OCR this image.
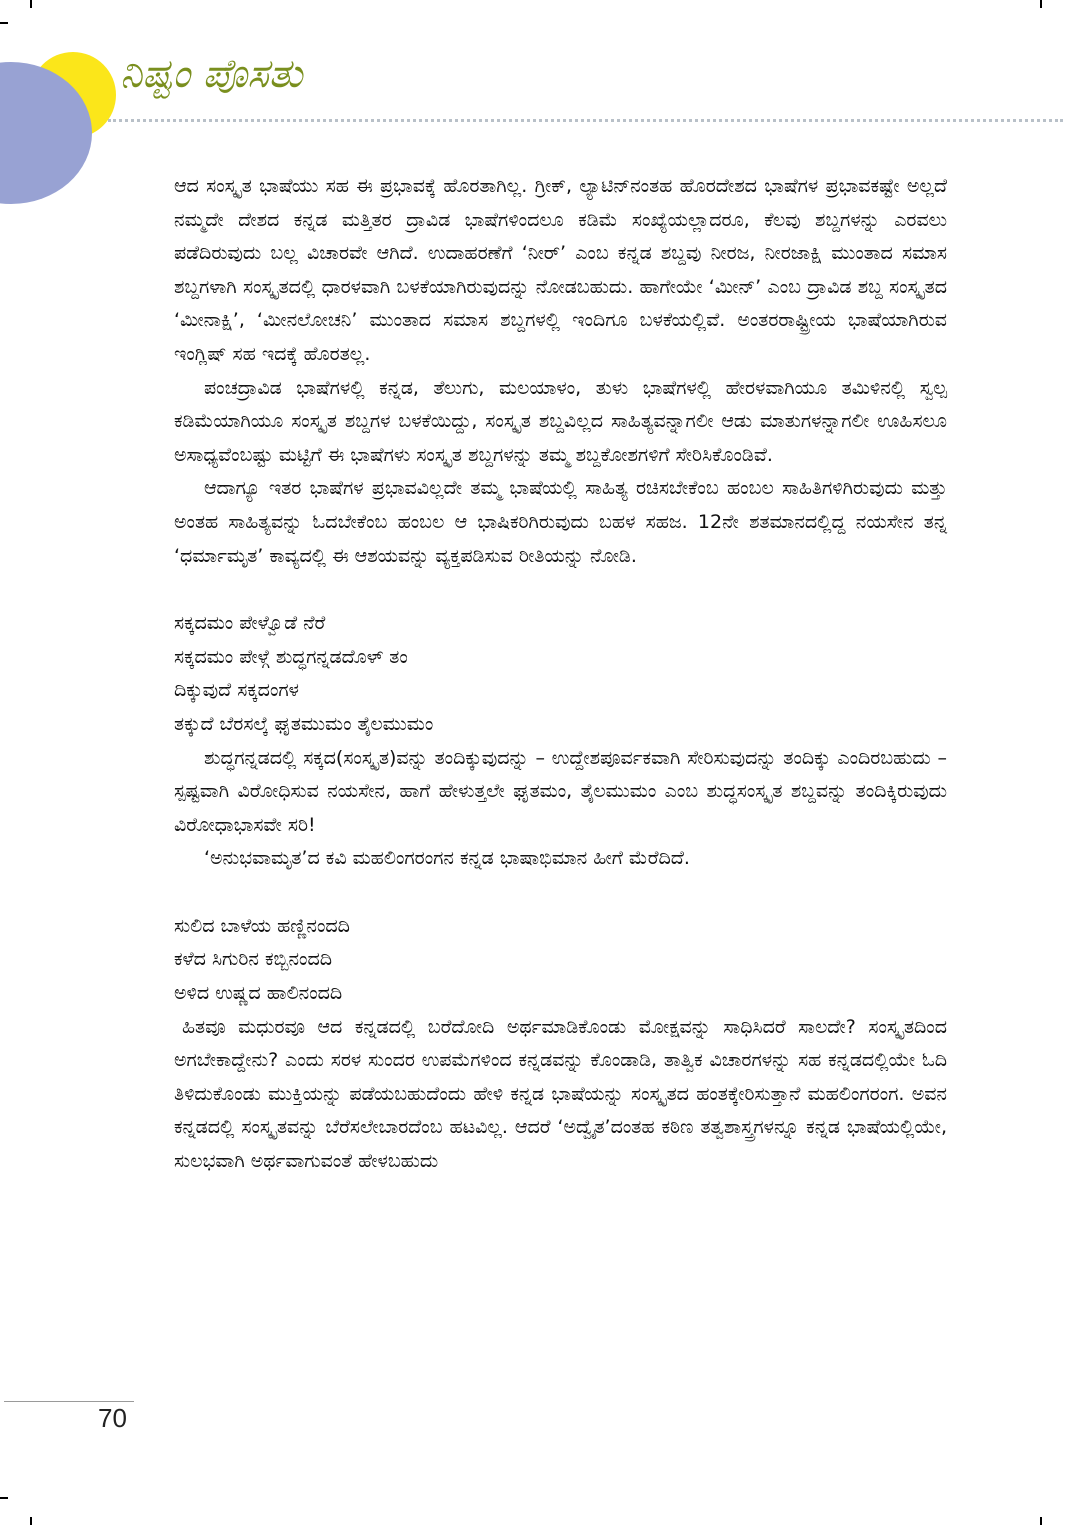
ನಿಷ್ಟಂ ಪೊಸತು

ಆದ ಸಂಸ್ಕೃತ ಭಾಷೆಯು ಸಹ ಈ ಪ್ರಭಾವಕ್ಕೆ ಹೊರತಾಗಿಲ್ಲ. ಗ್ರೀಕ್, ಲ್ಯಾಟಿನ್‌ನಂತಹ ಹೊರದೇಶದ ಭಾಷೆಗಳ ಪ್ರಭಾವಕಷ್ಟೇ ಅಲ್ಲದೆ ನಮ್ಮದೇ ದೇಶದ ಕನ್ನಡ ಮತ್ತಿತರ ದ್ರಾವಿಡ ಭಾಷೆಗಳಿಂದಲೂ ಕಡಿಮೆ ಸಂಖ್ಯೆಯಲ್ಲಾದರೂ, ಕೆಲವು ಶಬ್ದಗಳನ್ನು ಎರವಲು ಪಡೆದಿರುವುದು ಬಲ್ಲ ವಿಚಾರವೇ ಆಗಿದೆ. ಉದಾಹರಣೆಗೆ ‘ನೀರ್’ ಎಂಬ ಕನ್ನಡ ಶಬ್ದವು ನೀರಜ, ನೀರಜಾಕ್ಷಿ ಮುಂತಾದ ಸಮಾಸ ಶಬ್ದಗಳಾಗಿ ಸಂಸ್ಕೃತದಲ್ಲಿ ಧಾರಳವಾಗಿ ಬಳಕೆಯಾಗಿರುವುದನ್ನು ನೋಡಬಹುದು. ಹಾಗೇಯೇ ‘ಮೀನ್’ ಎಂಬ ದ್ರಾವಿಡ ಶಬ್ದ ಸಂಸ್ಕೃತದ ‘ಮೀನಾಕ್ಷಿ’, ‘ಮೀನಲೋಚನಿ’ ಮುಂತಾದ ಸಮಾಸ ಶಬ್ದಗಳಲ್ಲಿ ಇಂದಿಗೂ ಬಳಕೆಯಲ್ಲಿವೆ. ಅಂತರರಾಷ್ಟ್ರೀಯ ಭಾಷೆಯಾಗಿರುವ ಇಂಗ್ಲಿಷ್ ಸಹ ಇದಕ್ಕೆ ಹೊರತಲ್ಲ.

ಪಂಚದ್ರಾವಿಡ ಭಾಷೆಗಳಲ್ಲಿ ಕನ್ನಡ, ತೆಲುಗು, ಮಲಯಾಳಂ, ತುಳು ಭಾಷೆಗಳಲ್ಲಿ ಹೇರಳವಾಗಿಯೂ ತಮಿಳಿನಲ್ಲಿ ಸ್ವಲ್ಪ ಕಡಿಮೆಯಾಗಿಯೂ ಸಂಸ್ಕೃತ ಶಬ್ದಗಳ ಬಳಕೆಯಿದ್ದು, ಸಂಸ್ಕೃತ ಶಬ್ದವಿಲ್ಲದ ಸಾಹಿತ್ಯವನ್ನಾಗಲೀ ಆಡು ಮಾತುಗಳನ್ನಾಗಲೀ ಊಹಿಸಲೂ ಅಸಾಧ್ಯವೆಂಬಷ್ಟು ಮಟ್ಟಿಗೆ ಈ ಭಾಷೆಗಳು ಸಂಸ್ಕೃತ ಶಬ್ದಗಳನ್ನು ತಮ್ಮ ಶಬ್ದಕೋಶಗಳಿಗೆ ಸೇರಿಸಿಕೊಂಡಿವೆ.

ಆದಾಗ್ಯೂ ಇತರ ಭಾಷೆಗಳ ಪ್ರಭಾವವಿಲ್ಲದೇ ತಮ್ಮ ಭಾಷೆಯಲ್ಲಿ ಸಾಹಿತ್ಯ ರಚಿಸಬೇಕೆಂಬ ಹಂಬಲ ಸಾಹಿತಿಗಳಿಗಿರುವುದು ಮತ್ತು ಅಂತಹ ಸಾಹಿತ್ಯವನ್ನು ಓದಬೇಕೆಂಬ ಹಂಬಲ ಆ ಭಾಷಿಕರಿಗಿರುವುದು ಬಹಳ ಸಹಜ. 12ನೇ ಶತಮಾನದಲ್ಲಿದ್ದ ನಯಸೇನ ತನ್ನ ‘ಧರ್ಮಾಮೃತ’ ಕಾವ್ಯದಲ್ಲಿ ಈ ಆಶಯವನ್ನು ವ್ಯಕ್ತಪಡಿಸುವ ರೀತಿಯನ್ನು ನೋಡಿ.

ಸಕ್ಕದಮಂ ಪೇಳ್ವೊಡೆ ನೆರೆ

ಸಕ್ಕದಮಂ ಪೇಳ್ಗೆ ಶುದ್ಧಗನ್ನಡದೊಳ್ ತಂ

ದಿಕ್ಕುವುದೆ ಸಕ್ಕದಂಗಳ

ತಕ್ಕುದೆ ಬೆರಸಲ್ಕೆ ಘೃತಮುಮಂ ತೈಲಮುಮಂ

ಶುದ್ಧಗನ್ನಡದಲ್ಲಿ ಸಕ್ಕದ(ಸಂಸ್ಕೃತ)ವನ್ನು ತಂದಿಕ್ಕುವುದನ್ನು – ಉದ್ದೇಶಪೂರ್ವಕವಾಗಿ ಸೇರಿಸುವುದನ್ನು ತಂದಿಕ್ಕು ಎಂದಿರಬಹುದು – ಸ್ಪಷ್ಟವಾಗಿ ವಿರೋಧಿಸುವ ನಯಸೇನ, ಹಾಗೆ ಹೇಳುತ್ತಲೇ ಘೃತಮಂ, ತೈಲಮುಮಂ ಎಂಬ ಶುದ್ಧಸಂಸ್ಕೃತ ಶಬ್ದವನ್ನು ತಂದಿಕ್ಕಿರುವುದು ವಿರೋಧಾಭಾಸವೇ ಸರಿ!

‘ಅನುಭವಾಮೃತ’ದ ಕವಿ ಮಹಲಿಂಗರಂಗನ ಕನ್ನಡ ಭಾಷಾಭಿಮಾನ ಹೀಗೆ ಮೆರೆದಿದೆ.

ಸುಲಿದ ಬಾಳೆಯ ಹಣ್ಣಿನಂದದಿ

ಕಳೆದ ಸಿಗುರಿನ ಕಬ್ಬಿನಂದದಿ

ಅಳಿದ ಉಷ್ಣದ ಹಾಲಿನಂದದಿ

ಹಿತವೂ ಮಧುರವೂ ಆದ ಕನ್ನಡದಲ್ಲಿ ಬರೆದೋದಿ ಅರ್ಥಮಾಡಿಕೊಂಡು ಮೋಕ್ಷವನ್ನು ಸಾಧಿಸಿದರೆ ಸಾಲದೇ? ಸಂಸ್ಕೃತದಿಂದ ಅಗಬೇಕಾದ್ದೇನು? ಎಂದು ಸರಳ ಸುಂದರ ಉಪಮೆಗಳಿಂದ ಕನ್ನಡವನ್ನು ಕೊಂಡಾಡಿ, ತಾತ್ವಿಕ ವಿಚಾರಗಳನ್ನು ಸಹ ಕನ್ನಡದಲ್ಲಿಯೇ ಓದಿ ತಿಳಿದುಕೊಂಡು ಮುಕ್ತಿಯನ್ನು ಪಡೆಯಬಹುದೆಂದು ಹೇಳಿ ಕನ್ನಡ ಭಾಷೆಯನ್ನು ಸಂಸ್ಕೃತದ ಹಂತಕ್ಕೇರಿಸುತ್ತಾನೆ ಮಹಲಿಂಗರಂಗ. ಅವನ ಕನ್ನಡದಲ್ಲಿ ಸಂಸ್ಕೃತವನ್ನು ಬೆರೆಸಲೇಬಾರದೆಂಬ ಹಟವಿಲ್ಲ. ಆದರೆ ‘ಅದ್ವೈತ’ದಂತಹ ಕಠಿಣ ತತ್ವಶಾಸ್ತ್ರಗಳನ್ನೂ ಕನ್ನಡ ಭಾಷೆಯಲ್ಲಿಯೇ, ಸುಲಭವಾಗಿ ಅರ್ಥವಾಗುವಂತೆ ಹೇಳಬಹುದು

70
